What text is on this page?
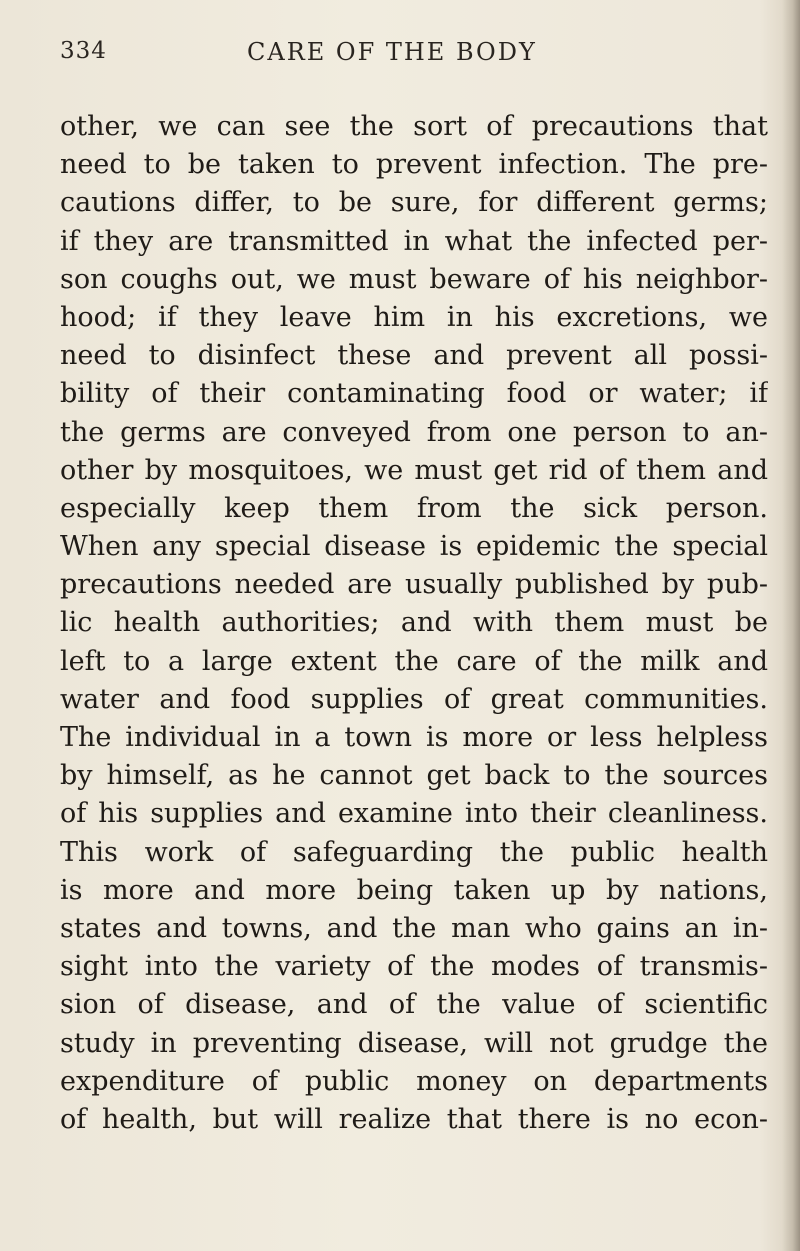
334	CARE OF THE BODY
other, we can see the sort of precautions that
need to be taken to prevent infection. The pre-
cautions differ, to be sure, for different germs;
if they are transmitted in what the infected per-
son coughs out, we must beware of his neighbor-
hood; if they leave him in his excretions, we
need to disinfect these and prevent all possi-
bility of their contaminating food or water; if
the germs are conveyed from one person to an-
other by mosquitoes, we must get rid of them and
especially keep them from the sick person.
When any special disease is epidemic the special
precautions needed are usually published by pub-
lic health authorities; and with them must be
left to a large extent the care of the milk and
water and food supplies of great communities.
The individual in a town is more or less helpless
by himself, as he cannot get back to the sources
of his supplies and examine into their cleanliness.
This work of safeguarding the public health
is more and more being taken up by nations,
states and towns, and the man who gains an in-
sight into the variety of the modes of transmis-
sion of disease, and of the value of scientific
study in preventing disease, will not grudge the
expenditure of public money on departments
of health, but will realize that there is no econ-
